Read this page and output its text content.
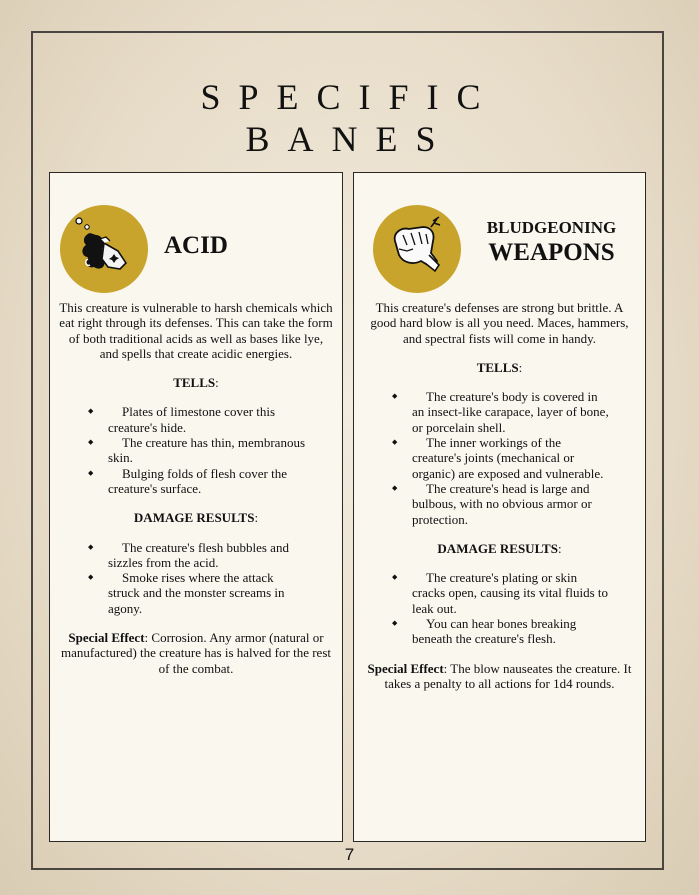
SPECIFIC
BANES
ACID
This creature is vulnerable to harsh chemicals which eat right through its defenses. This can take the form of both traditional acids as well as bases like lye, and spells that create acidic energies.
TELLS:
◆ Plates of limestone cover this creature's hide.
◆ The creature has thin, membranous skin.
◆ Bulging folds of flesh cover the creature's surface.
DAMAGE RESULTS:
◆ The creature's flesh bubbles and sizzles from the acid.
◆ Smoke rises where the attack struck and the monster screams in agony.
Special Effect: Corrosion. Any armor (natural or manufactured) the creature has is halved for the rest of the combat.
BLUDGEONING
WEAPONS
This creature's defenses are strong but brittle. A good hard blow is all you need. Maces, hammers, and spectral fists will come in handy.
TELLS:
◆ The creature's body is covered in an insect-like carapace, layer of bone, or porcelain shell.
◆ The inner workings of the creature's joints (mechanical or organic) are exposed and vulnerable.
◆ The creature's head is large and bulbous, with no obvious armor or protection.
DAMAGE RESULTS:
◆ The creature's plating or skin cracks open, causing its vital fluids to leak out.
◆ You can hear bones breaking beneath the creature's flesh.
Special Effect: The blow nauseates the creature. It takes a penalty to all actions for 1d4 rounds.
7
